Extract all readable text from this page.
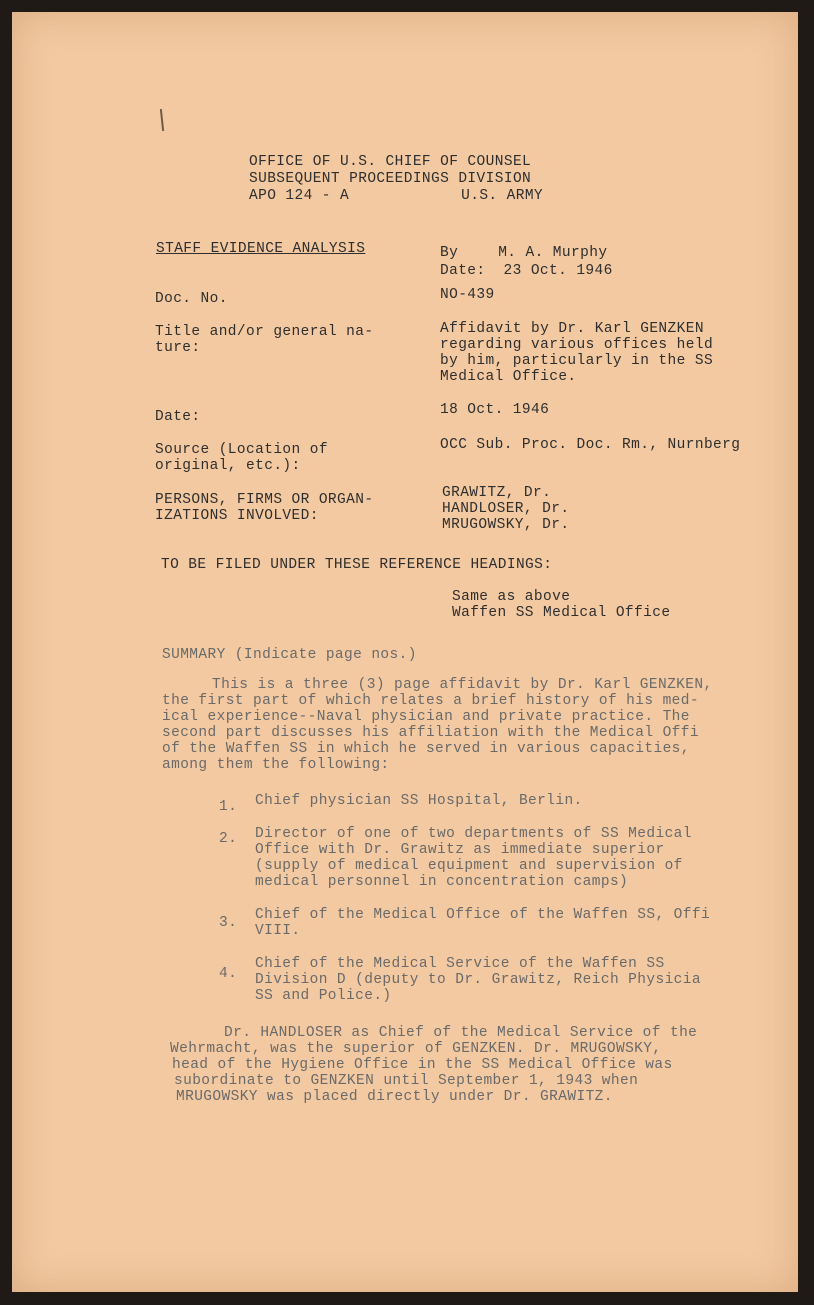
OFFICE OF U.S. CHIEF OF COUNSEL
SUBSEQUENT PROCEEDINGS DIVISION
APO 124 - A	U.S. ARMY
STAFF EVIDENCE ANALYSIS	By	M. A. Murphy
Date: 23 Oct. 1946
Doc. No.	NO-439
Title and/or general na-
ture:
Affidavit by Dr. Karl GENZKEN
regarding various offices held
by him, particularly in the SS
Medical Office.
Date:	18 Oct. 1946
Source (Location of
original, etc.):
OCC Sub. Proc. Doc. Rm., Nurnberg
PERSONS, FIRMS OR ORGAN-
IZATIONS INVOLVED:
GRAWITZ, Dr.
HANDLOSER, Dr.
MRUGOWSKY, Dr.
TO BE FILED UNDER THESE REFERENCE HEADINGS:
Same as above
Waffen SS Medical Office
SUMMARY (Indicate page nos.)
This is a three (3) page affidavit by Dr. Karl GENZKEN,
the first part of which relates a brief history of his med-
ical experience--Naval physician and private practice. The
second part discusses his affiliation with the Medical Offi
of the Waffen SS in which he served in various capacities,
among them the following:
1. Chief physician SS Hospital, Berlin.
2. Director of one of two departments of SS Medical
Office with Dr. Grawitz as immediate superior
(supply of medical equipment and supervision of
medical personnel in concentration camps)
3. Chief of the Medical Office of the Waffen SS, Offi
VIII.
4.
Chief of the Medical Service of the Waffen SS
Division D (deputy to Dr. Grawitz, Reich Physicia
SS and Police.)
Dr. HANDLOSER as Chief of the Medical Service of the
Wehrmacht, was the superior of GENZKEN. Dr. MRUGOWSKY,
head of the Hygiene Office in the SS Medical Office was
subordinate to GENZKEN until September 1, 1943 when
MRUGOWSKY was placed directly under Dr. GRAWITZ.
